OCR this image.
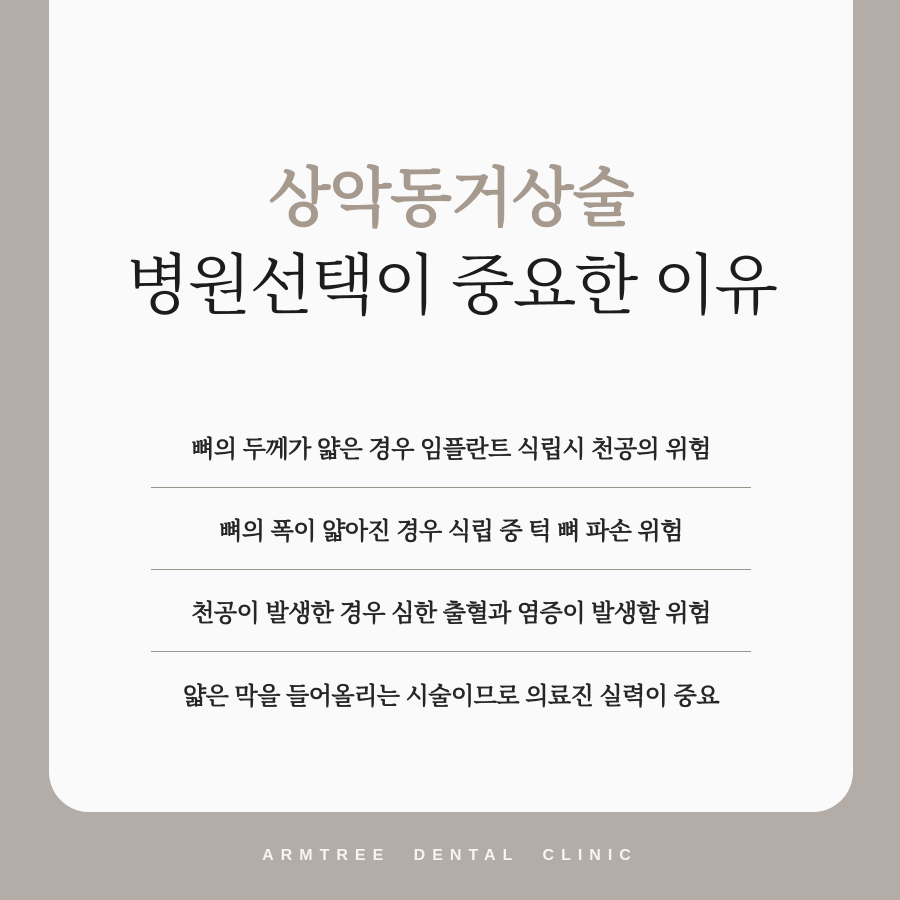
상악동거상술
병원선택이 중요한 이유
뼈의 두께가 얇은 경우 임플란트 식립시 천공의 위험
뼈의 폭이 얇아진 경우 식립 중 턱 뼈 파손 위험
천공이 발생한 경우 심한 출혈과 염증이 발생할 위험
얇은 막을 들어올리는 시술이므로 의료진 실력이 중요
ARMTREE DENTAL CLINIC
